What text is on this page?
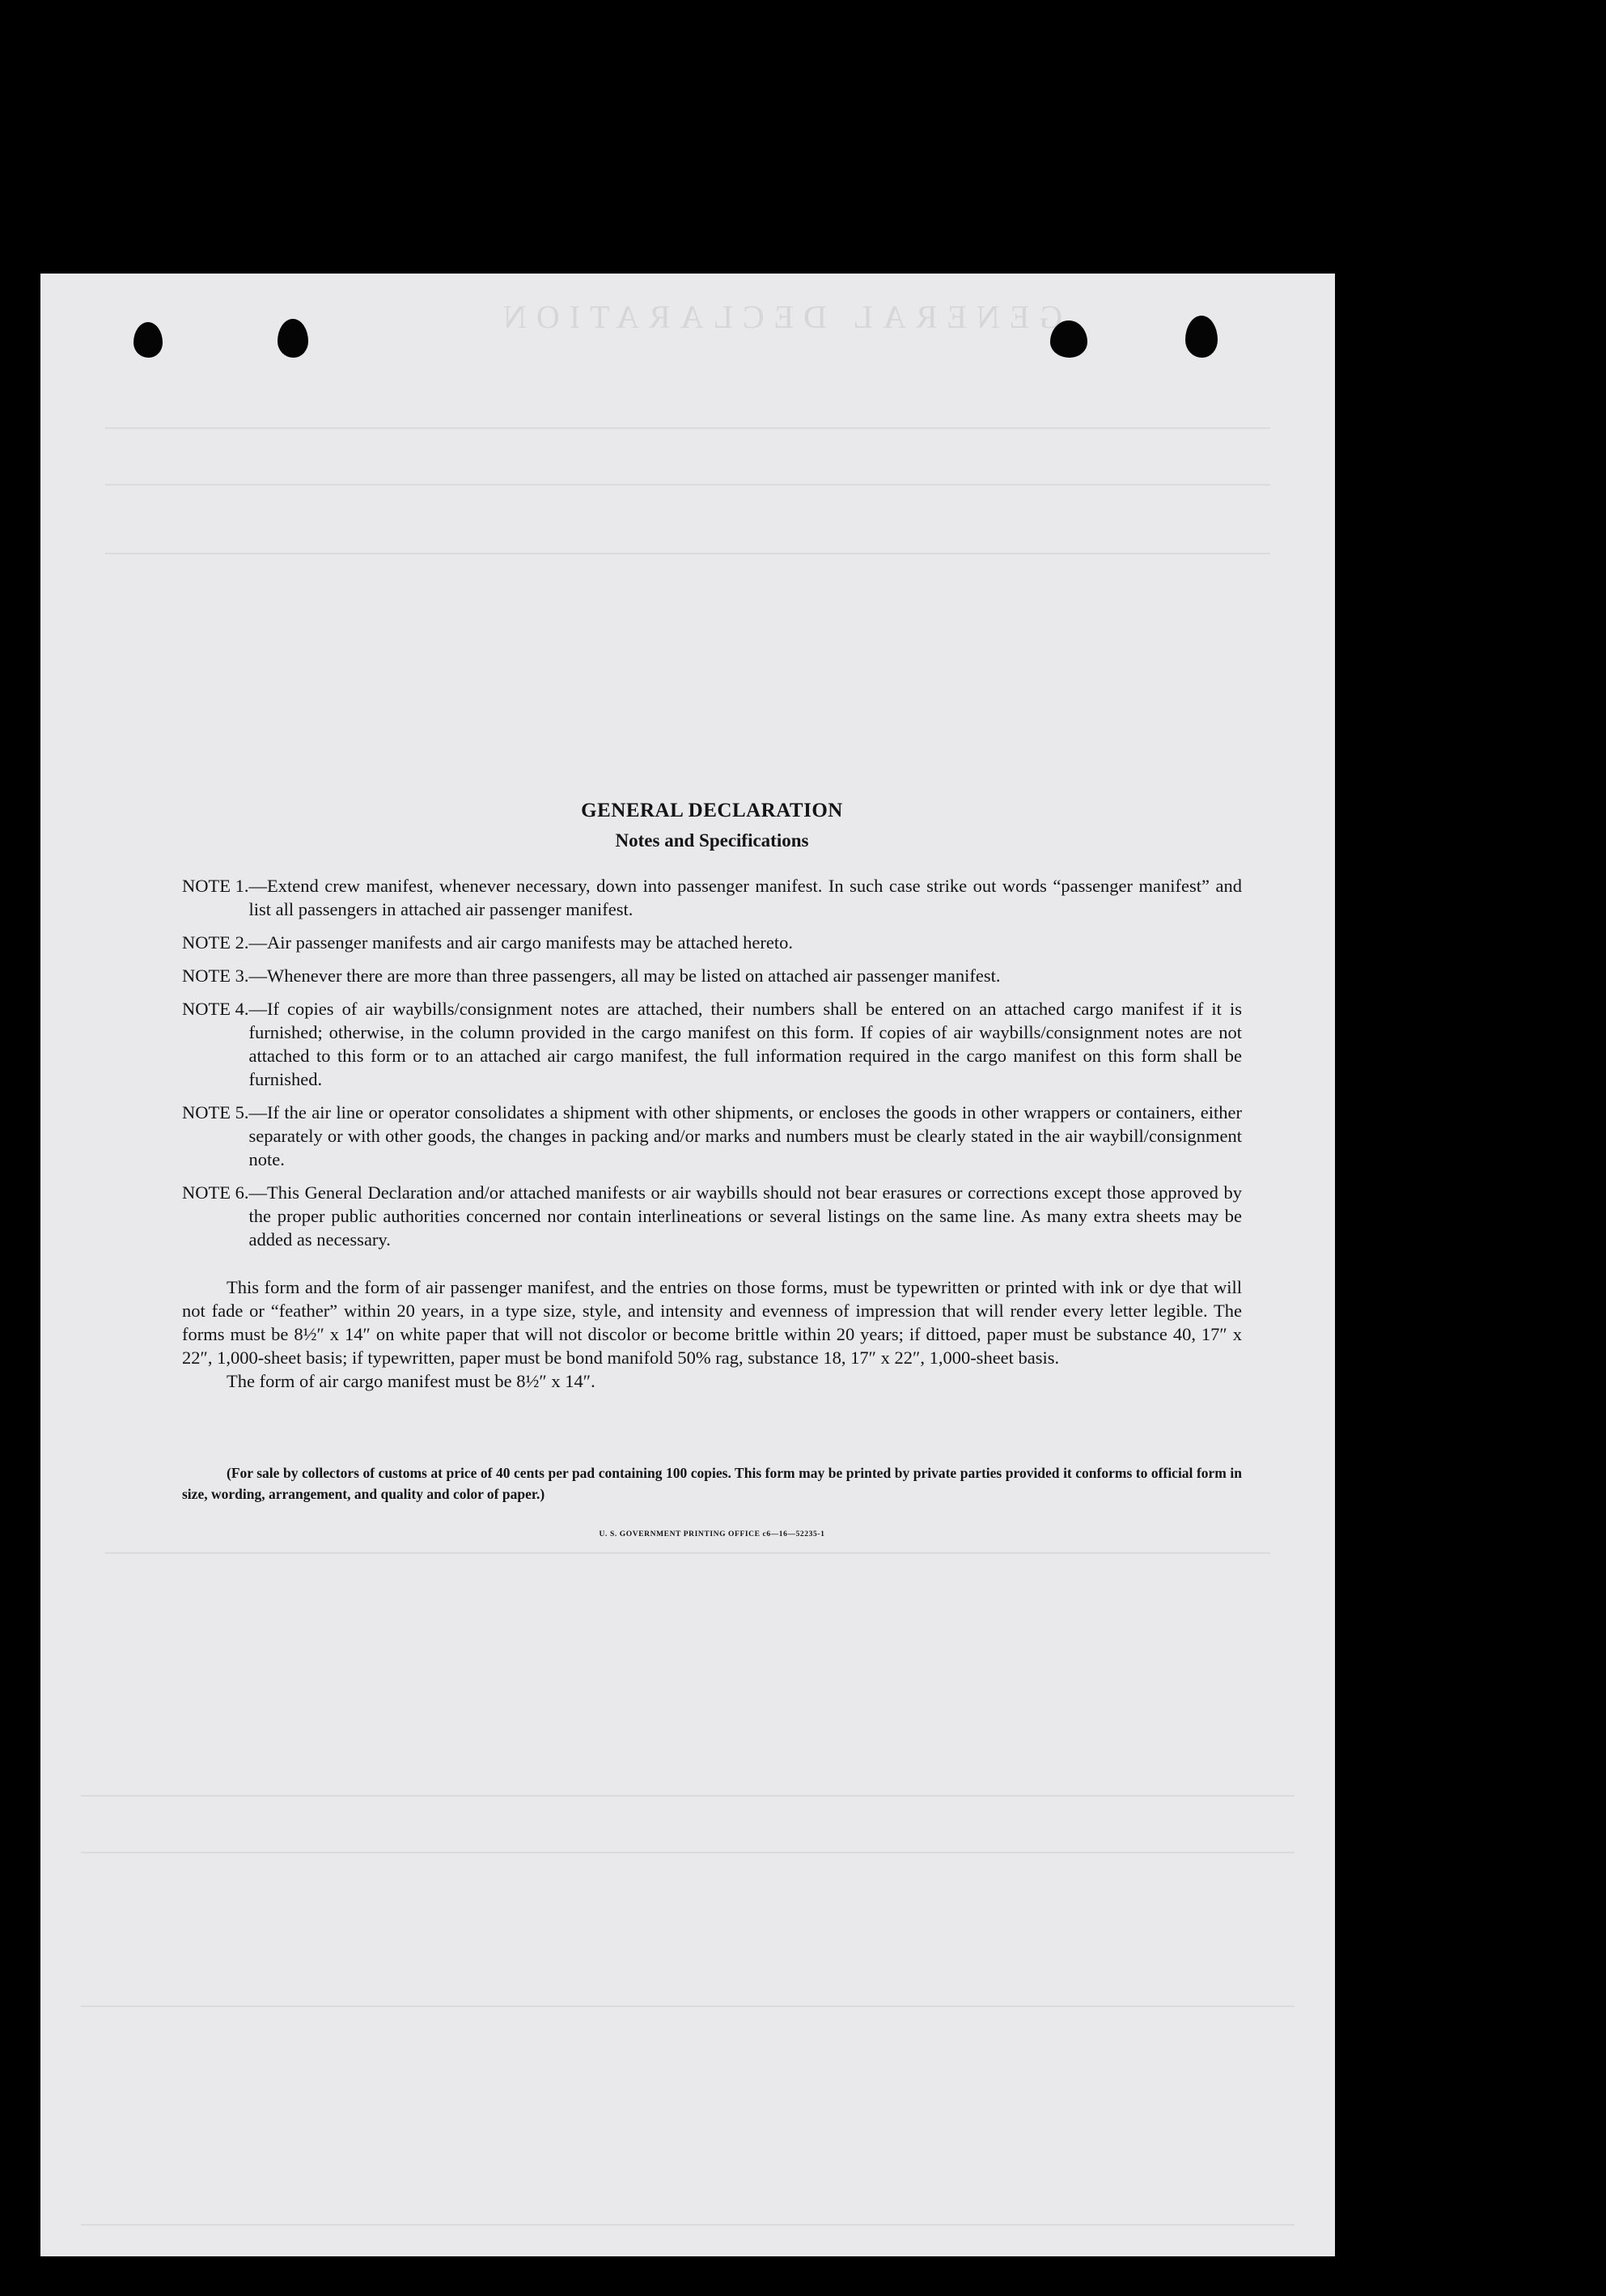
GENERAL DECLARATION
GENERAL DECLARATION
Notes and Specifications
NOTE 1. —Extend crew manifest, whenever necessary, down into passenger manifest. In such case strike out words “passenger manifest” and list all passengers in attached air passenger manifest.
NOTE 2. —Air passenger manifests and air cargo manifests may be attached hereto.
NOTE 3. —Whenever there are more than three passengers, all may be listed on attached air passenger manifest.
NOTE 4. —If copies of air waybills/consignment notes are attached, their numbers shall be entered on an attached cargo manifest if it is furnished; otherwise, in the column provided in the cargo manifest on this form. If copies of air waybills/consignment notes are not attached to this form or to an attached air cargo manifest, the full information required in the cargo manifest on this form shall be furnished.
NOTE 5. —If the air line or operator consolidates a shipment with other shipments, or encloses the goods in other wrappers or containers, either separately or with other goods, the changes in packing and/or marks and numbers must be clearly stated in the air waybill/consignment note.
NOTE 6. —This General Declaration and/or attached manifests or air waybills should not bear erasures or corrections except those approved by the proper public authorities concerned nor contain interlineations or several listings on the same line. As many extra sheets may be added as necessary.

This form and the form of air passenger manifest, and the entries on those forms, must be typewritten or printed with ink or dye that will not fade or “feather” within 20 years, in a type size, style, and intensity and evenness of impression that will render every letter legible. The forms must be 8½″ x 14″ on white paper that will not discolor or become brittle within 20 years; if dittoed, paper must be substance 40, 17″ x 22″, 1,000-sheet basis; if typewritten, paper must be bond manifold 50% rag, substance 18, 17″ x 22″, 1,000-sheet basis.

The form of air cargo manifest must be 8½″ x 14″.

(For sale by collectors of customs at price of 40 cents per pad containing 100 copies. This form may be printed by private parties provided it conforms to official form in size, wording, arrangement, and quality and color of paper.)

U. S. GOVERNMENT PRINTING OFFICE c6—16—52235-1
